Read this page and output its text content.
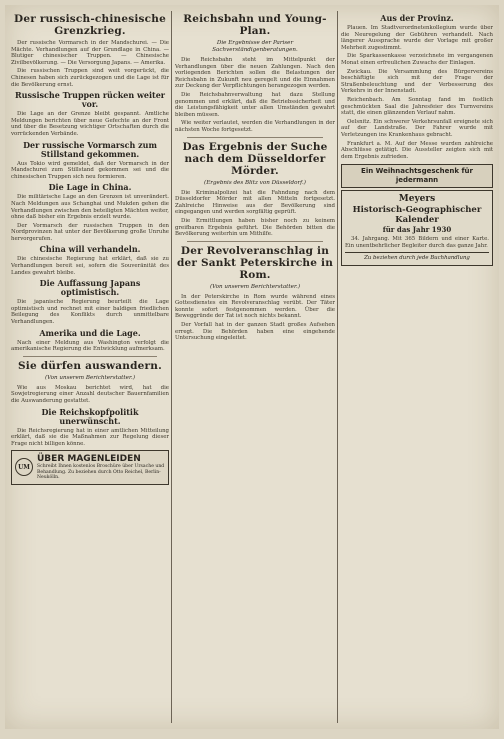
Der russisch-chinesische Grenzkrieg.

Der russische Vormarsch in der Mandschurei. — Die Mächte. Verhandlungen auf der Grundlage in China. — Blutiger chinesischer Truppen. — Chinesische Zivilbevölkerung. — Die Versorgung Japans. — Amerika.

Die russischen Truppen sind weit vorgerückt, die Chinesen haben sich zurückgezogen und die Lage ist für die Bevölkerung ernst.

Russische Truppen rücken weiter vor.

Die Lage an der Grenze bleibt gespannt. Amtliche Meldungen berichten über neue Gefechte an der Front und über die Besetzung wichtiger Ortschaften durch die vorrückenden Verbände.

Der russische Vormarsch zum Stillstand gekommen.

Aus Tokio wird gemeldet, daß der Vormarsch in der Mandschurei zum Stillstand gekommen sei und die chinesischen Truppen sich neu formieren.

Die Lage in China.

Die militärische Lage an den Grenzen ist unverändert. Nach Meldungen aus Schanghai und Mukden gehen die Verhandlungen zwischen den beteiligten Mächten weiter, ohne daß bisher ein Ergebnis erzielt wurde.

Der Vormarsch der russischen Truppen in den Nordprovinzen hat unter der Bevölkerung große Unruhe hervorgerufen.

China will verhandeln.

Die chinesische Regierung hat erklärt, daß sie zu Verhandlungen bereit sei, sofern die Souveränität des Landes gewahrt bleibe.

Die Auffassung Japans optimistisch.

Die japanische Regierung beurteilt die Lage optimistisch und rechnet mit einer baldigen friedlichen Beilegung des Konflikts durch unmittelbare Verhandlungen.

Amerika und die Lage.

Nach einer Meldung aus Washington verfolgt die amerikanische Regierung die Entwicklung aufmerksam.

Sie dürfen auswandern.
(Von unserem Berichterstatter.)

Wie aus Moskau berichtet wird, hat die Sowjetregierung einer Anzahl deutscher Bauernfamilien die Auswanderung gestattet.

Die Reichskopfpolitik unerwünscht.

Die Reichsregierung hat in einer amtlichen Mitteilung erklärt, daß sie die Maßnahmen zur Regelung dieser Frage nicht billigen könne.

UM
ÜBER MAGENLEIDEN
Schreibt Ihnen kostenlos Broschüre über Ursache und Behandlung. Zu beziehen durch Otto Reichel, Berlin-Neukölln.
Reichsbahn und Young-Plan.
Die Ergebnisse der Pariser Sachverständigenberatungen.

Die Reichsbahn steht im Mittelpunkt der Verhandlungen über die neuen Zahlungen. Nach den vorliegenden Berichten sollen die Belastungen der Reichsbahn in Zukunft neu geregelt und die Einnahmen zur Deckung der Verpflichtungen herangezogen werden.

Die Reichsbahnverwaltung hat dazu Stellung genommen und erklärt, daß die Betriebssicherheit und die Leistungsfähigkeit unter allen Umständen gewahrt bleiben müssen.

Wie weiter verlautet, werden die Verhandlungen in der nächsten Woche fortgesetzt.

Das Ergebnis der Suche nach dem Düsseldorfer Mörder.
(Ergebnis des Blitz von Düsseldorf.)

Die Kriminalpolizei hat die Fahndung nach dem Düsseldorfer Mörder mit allen Mitteln fortgesetzt. Zahlreiche Hinweise aus der Bevölkerung sind eingegangen und werden sorgfältig geprüft.

Die Ermittlungen haben bisher noch zu keinem greifbaren Ergebnis geführt. Die Behörden bitten die Bevölkerung weiterhin um Mithilfe.

Der Revolveranschlag in der Sankt Peterskirche in Rom.
(Von unserem Berichterstatter.)

In der Peterskirche in Rom wurde während eines Gottesdienstes ein Revolveranschlag verübt. Der Täter konnte sofort festgenommen werden. Über die Beweggründe der Tat ist noch nichts bekannt.

Der Vorfall hat in der ganzen Stadt großes Aufsehen erregt. Die Behörden haben eine eingehende Untersuchung eingeleitet.

Aus der Provinz.

Plauen. Im Stadtverordnetenkollegium wurde über die Neuregelung der Gebühren verhandelt. Nach längerer Aussprache wurde der Vorlage mit großer Mehrheit zugestimmt.

Die Sparkassenkasse verzeichnete im vergangenen Monat einen erfreulichen Zuwachs der Einlagen.

Zwickau. Die Versammlung des Bürgervereins beschäftigte sich mit der Frage der Straßenbeleuchtung und der Verbesserung des Verkehrs in der Innenstadt.

Reichenbach. Am Sonntag fand im festlich geschmückten Saal die Jahresfeier des Turnvereins statt, die einen glänzenden Verlauf nahm.

Oelsnitz. Ein schwerer Verkehrsunfall ereignete sich auf der Landstraße. Der Fahrer wurde mit Verletzungen ins Krankenhaus gebracht.

Frankfurt a. M. Auf der Messe wurden zahlreiche Abschlüsse getätigt. Die Aussteller zeigten sich mit dem Ergebnis zufrieden.

Ein Weihnachtsgeschenk für jedermann
Meyers
Historisch-Geographischer Kalender
für das Jahr 1930

34. Jahrgang. Mit 365 Bildern und einer Karte. Ein unentbehrlicher Begleiter durch das ganze Jahr.

Zu beziehen durch jede Buchhandlung
